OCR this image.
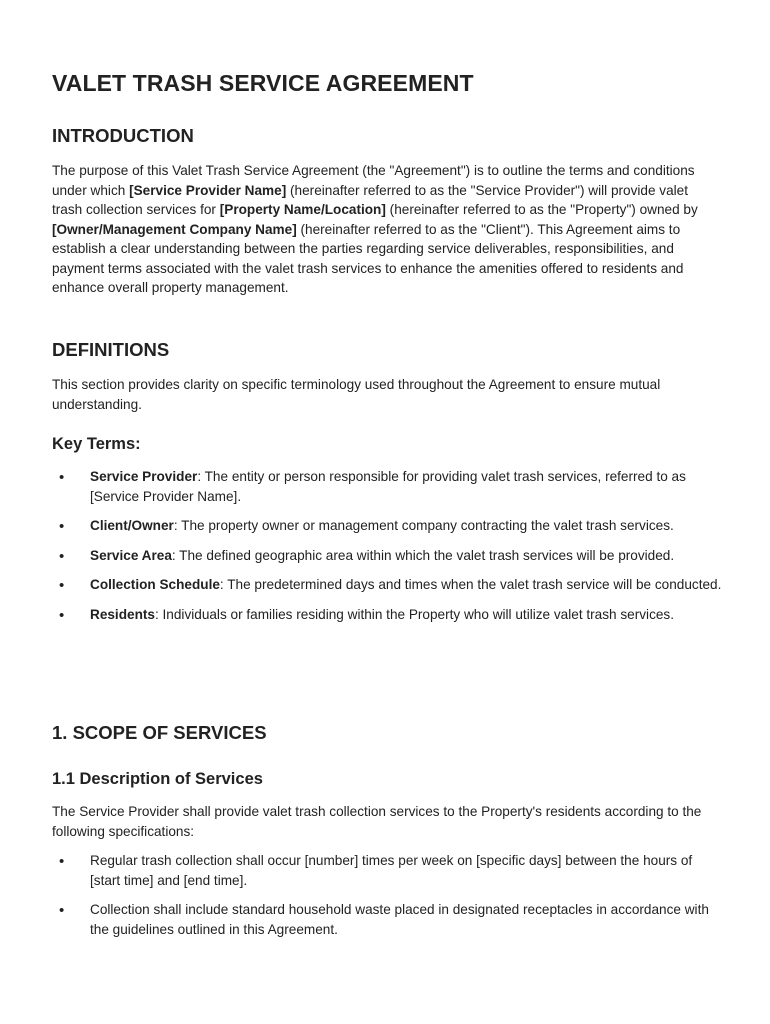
VALET TRASH SERVICE AGREEMENT
INTRODUCTION

The purpose of this Valet Trash Service Agreement (the "Agreement") is to outline the terms and conditions under which [Service Provider Name] (hereinafter referred to as the "Service Provider") will provide valet trash collection services for [Property Name/Location] (hereinafter referred to as the "Property") owned by [Owner/Management Company Name] (hereinafter referred to as the "Client"). This Agreement aims to establish a clear understanding between the parties regarding service deliverables, responsibilities, and payment terms associated with the valet trash services to enhance the amenities offered to residents and enhance overall property management.

DEFINITIONS

This section provides clarity on specific terminology used throughout the Agreement to ensure mutual understanding.

Key Terms:
• Service Provider: The entity or person responsible for providing valet trash services, referred to as [Service Provider Name].
• Client/Owner: The property owner or management company contracting the valet trash services.
• Service Area: The defined geographic area within which the valet trash services will be provided.
• Collection Schedule: The predetermined days and times when the valet trash service will be conducted.
• Residents: Individuals or families residing within the Property who will utilize valet trash services.
1. SCOPE OF SERVICES
1.1 Description of Services

The Service Provider shall provide valet trash collection services to the Property's residents according to the following specifications:

• Regular trash collection shall occur [number] times per week on [specific days] between the hours of [start time] and [end time].
• Collection shall include standard household waste placed in designated receptacles in accordance with the guidelines outlined in this Agreement.
